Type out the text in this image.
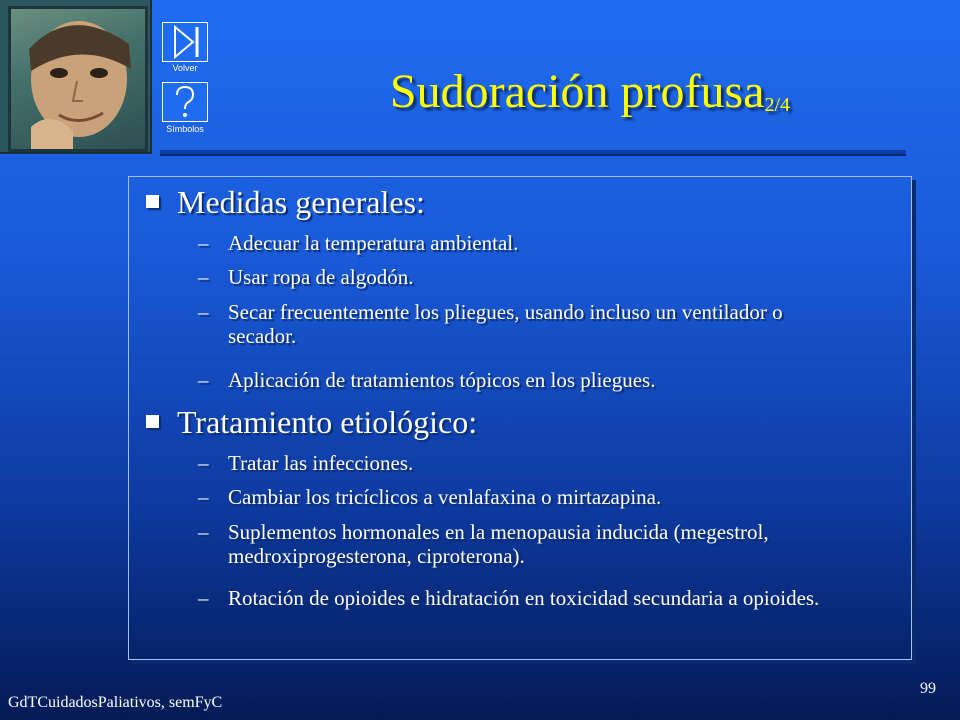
Volver
Símbolos
Sudoración profusa$_{2/4}$
Medidas generales:
– Adecuar la temperatura ambiental.
– Usar ropa de algodón.
– Secar frecuentemente los pliegues, usando incluso un ventilador o secador.
– Aplicación de tratamientos tópicos en los pliegues.
Tratamiento etiológico:
– Tratar las infecciones.
– Cambiar los tricíclicos a venlafaxina o mirtazapina.
– Suplementos hormonales en la menopausia inducida (megestrol, medroxiprogesterona, ciproterona).
– Rotación de opioides e hidratación en toxicidad secundaria a opioides.
GdTCuidadosPaliativos, semFyC
99
